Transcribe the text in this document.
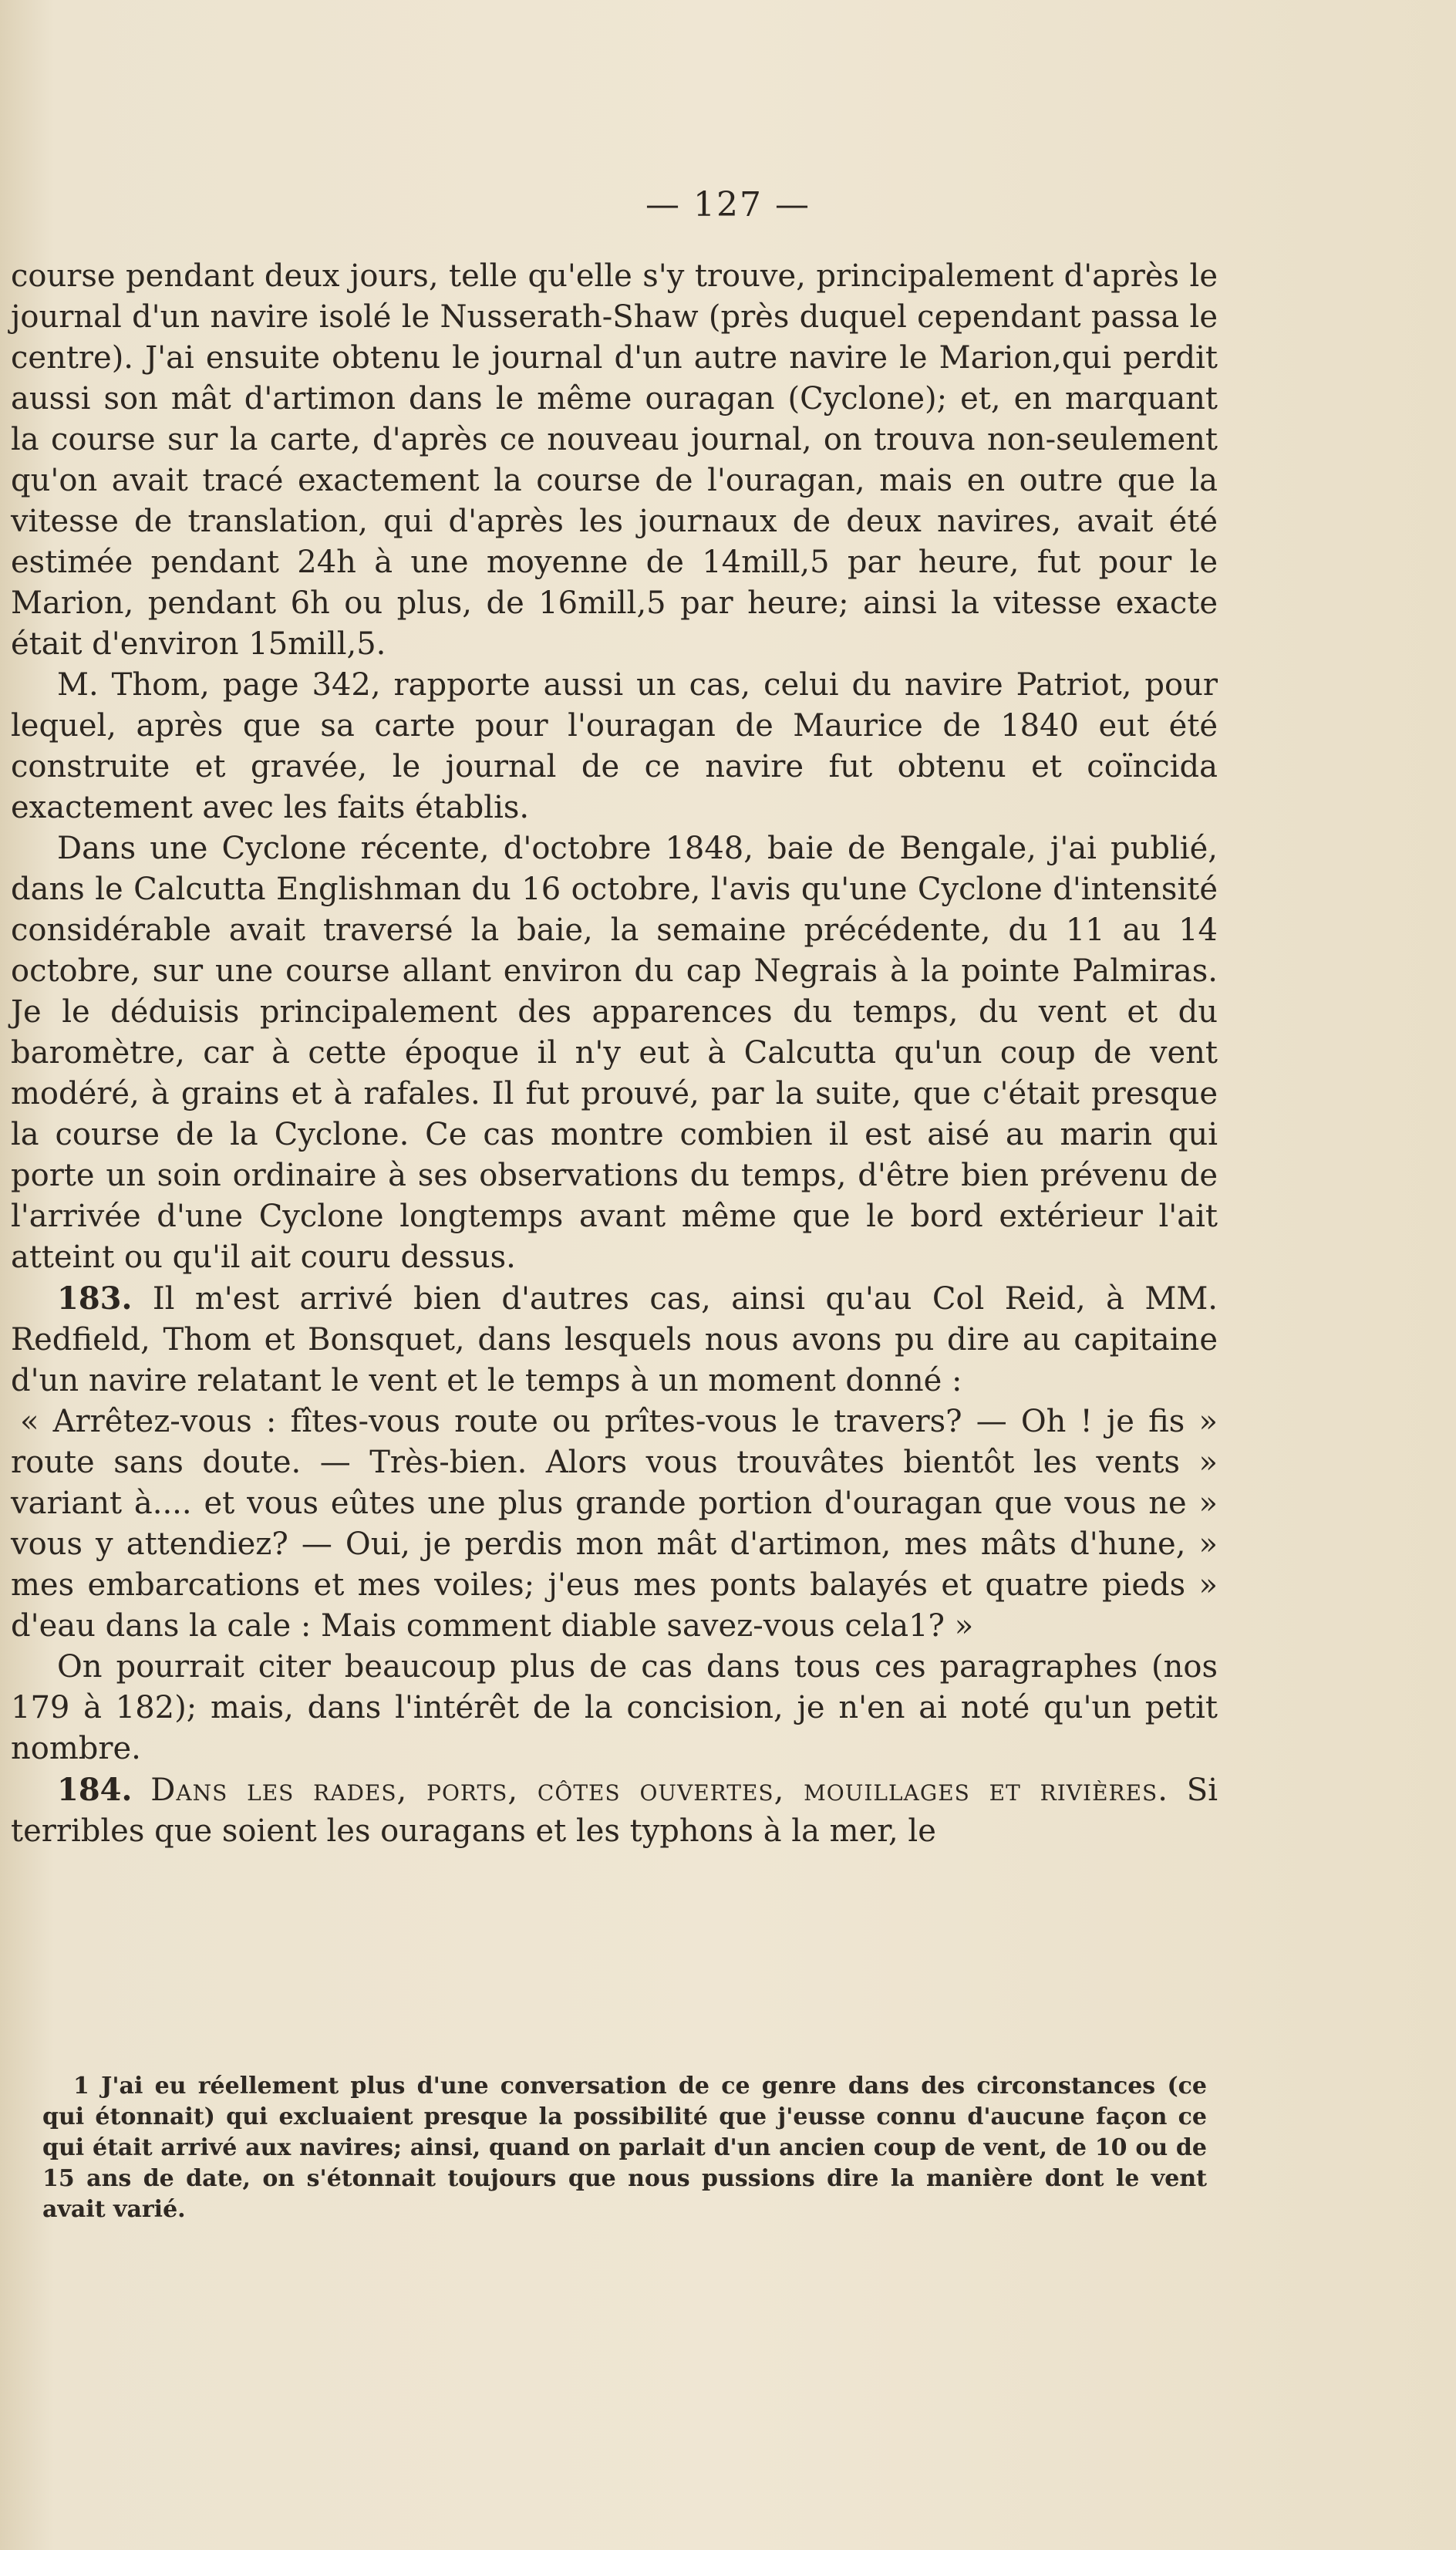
— 127 —

course pendant deux jours, telle qu'elle s'y trouve, principalement d'après le journal d'un navire isolé le Nusserath-Shaw (près duquel cependant passa le centre). J'ai ensuite obtenu le journal d'un autre navire le Marion,qui perdit aussi son mât d'artimon dans le même ouragan (Cyclone); et, en marquant la course sur la carte, d'après ce nouveau journal, on trouva non-seulement qu'on avait tracé exactement la course de l'ouragan, mais en outre que la vitesse de translation, qui d'après les journaux de deux navires, avait été estimée pendant 24h à une moyenne de 14mill,5 par heure, fut pour le Marion, pendant 6h ou plus, de 16mill,5 par heure; ainsi la vitesse exacte était d'environ 15mill,5.

M. Thom, page 342, rapporte aussi un cas, celui du navire Patriot, pour lequel, après que sa carte pour l'ouragan de Maurice de 1840 eut été construite et gravée, le journal de ce navire fut obtenu et coïncida exactement avec les faits établis.

Dans une Cyclone récente, d'octobre 1848, baie de Bengale, j'ai publié, dans le Calcutta Englishman du 16 octobre, l'avis qu'une Cyclone d'intensité considérable avait traversé la baie, la semaine précédente, du 11 au 14 octobre, sur une course allant environ du cap Negrais à la pointe Palmiras. Je le déduisis principalement des apparences du temps, du vent et du baromètre, car à cette époque il n'y eut à Calcutta qu'un coup de vent modéré, à grains et à rafales. Il fut prouvé, par la suite, que c'était presque la course de la Cyclone. Ce cas montre combien il est aisé au marin qui porte un soin ordinaire à ses observations du temps, d'être bien prévenu de l'arrivée d'une Cyclone longtemps avant même que le bord extérieur l'ait atteint ou qu'il ait couru dessus.

183. Il m'est arrivé bien d'autres cas, ainsi qu'au Col Reid, à MM. Redfield, Thom et Bonsquet, dans lesquels nous avons pu dire au capitaine d'un navire relatant le vent et le temps à un moment donné :

« Arrêtez-vous : fîtes-vous route ou prîtes-vous le travers? — Oh ! je fis » route sans doute. — Très-bien. Alors vous trouvâtes bientôt les vents » variant à.... et vous eûtes une plus grande portion d'ouragan que vous ne » vous y attendiez? — Oui, je perdis mon mât d'artimon, mes mâts d'hune, » mes embarcations et mes voiles; j'eus mes ponts balayés et quatre pieds » d'eau dans la cale : Mais comment diable savez-vous cela1? »

On pourrait citer beaucoup plus de cas dans tous ces paragraphes (nos 179 à 182); mais, dans l'intérêt de la concision, je n'en ai noté qu'un petit nombre.

184. Dans les rades, ports, côtes ouvertes, mouillages et rivières. Si terribles que soient les ouragans et les typhons à la mer, le

1 J'ai eu réellement plus d'une conversation de ce genre dans des circonstances (ce qui étonnait) qui excluaient presque la possibilité que j'eusse connu d'aucune façon ce qui était arrivé aux navires; ainsi, quand on parlait d'un ancien coup de vent, de 10 ou de 15 ans de date, on s'étonnait toujours que nous pussions dire la manière dont le vent avait varié.
